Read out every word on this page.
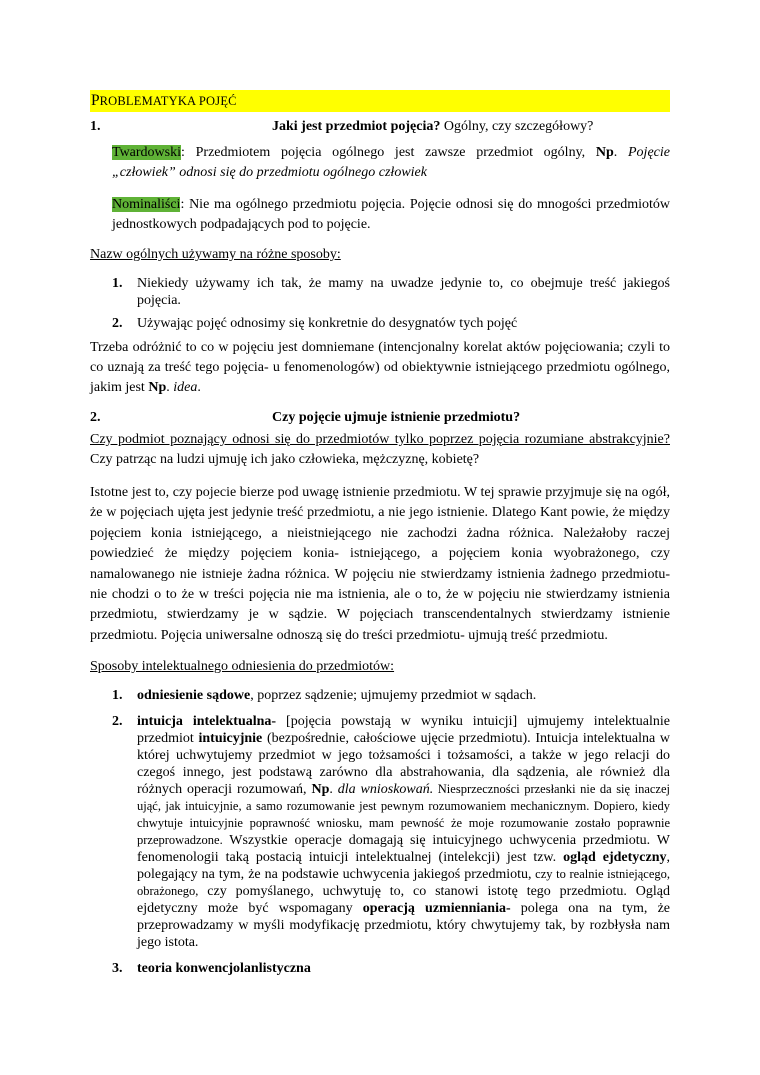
PROBLEMATYKA POJĘĆ
1.	Jaki jest przedmiot pojęcia? Ogólny, czy szczegółowy?

Twardowski: Przedmiotem pojęcia ogólnego jest zawsze przedmiot ogólny, Np. Pojęcie „człowiek” odnosi się do przedmiotu ogólnego człowiek

Nominaliści: Nie ma ogólnego przedmiotu pojęcia. Pojęcie odnosi się do mnogości przedmiotów jednostkowych podpadających pod to pojęcie.

Nazw ogólnych używamy na różne sposoby:

1. Niekiedy używamy ich tak, że mamy na uwadze jedynie to, co obejmuje treść jakiegoś pojęcia.
2. Używając pojęć odnosimy się konkretnie do desygnatów tych pojęć

Trzeba odróżnić to co w pojęciu jest domniemane (intencjonalny korelat aktów pojęciowania; czyli to co uznają za treść tego pojęcia- u fenomenologów) od obiektywnie istniejącego przedmiotu ogólnego, jakim jest Np. idea.

2.	Czy pojęcie ujmuje istnienie przedmiotu?

Czy podmiot poznający odnosi się do przedmiotów tylko poprzez pojęcia rozumiane abstrakcyjnie? Czy patrząc na ludzi ujmuję ich jako człowieka, mężczyznę, kobietę?

Istotne jest to, czy pojecie bierze pod uwagę istnienie przedmiotu. W tej sprawie przyjmuje się na ogół, że w pojęciach ujęta jest jedynie treść przedmiotu, a nie jego istnienie. Dlatego Kant powie, że między pojęciem konia istniejącego, a nieistniejącego nie zachodzi żadna różnica. Należałoby raczej powiedzieć że między pojęciem konia- istniejącego, a pojęciem konia wyobrażonego, czy namalowanego nie istnieje żadna różnica. W pojęciu nie stwierdzamy istnienia żadnego przedmiotu- nie chodzi o to że w treści pojęcia nie ma istnienia, ale o to, że w pojęciu nie stwierdzamy istnienia przedmiotu, stwierdzamy je w sądzie. W pojęciach transcendentalnych stwierdzamy istnienie przedmiotu. Pojęcia uniwersalne odnoszą się do treści przedmiotu- ujmują treść przedmiotu.

Sposoby intelektualnego odniesienia do przedmiotów:

1. odniesienie sądowe, poprzez sądzenie; ujmujemy przedmiot w sądach.
2. intuicja intelektualna- [pojęcia powstają w wyniku intuicji] ujmujemy intelektualnie przedmiot intuicyjnie (bezpośrednie, całościowe ujęcie przedmiotu). Intuicja intelektualna w której uchwytujemy przedmiot w jego tożsamości i tożsamości, a także w jego relacji do czegoś innego, jest podstawą zarówno dla abstrahowania, dla sądzenia, ale również dla różnych operacji rozumowań, Np. dla wnioskowań. Niesprzeczności przesłanki nie da się inaczej ująć, jak intuicyjnie, a samo rozumowanie jest pewnym rozumowaniem mechanicznym. Dopiero, kiedy chwytuje intuicyjnie poprawność wniosku, mam pewność że moje rozumowanie zostało poprawnie przeprowadzone. Wszystkie operacje domagają się intuicyjnego uchwycenia przedmiotu. W fenomenologii taką postacią intuicji intelektualnej (intelekcji) jest tzw. ogląd ejdetyczny, polegający na tym, że na podstawie uchwycenia jakiegoś przedmiotu, czy to realnie istniejącego, obrażonego, czy pomyślanego, uchwytuję to, co stanowi istotę tego przedmiotu. Ogląd ejdetyczny może być wspomagany operacją uzmienniania- polega ona na tym, że przeprowadzamy w myśli modyfikację przedmiotu, który chwytujemy tak, by rozbłysła nam jego istota.
3. teoria konwencjolanlistyczna
